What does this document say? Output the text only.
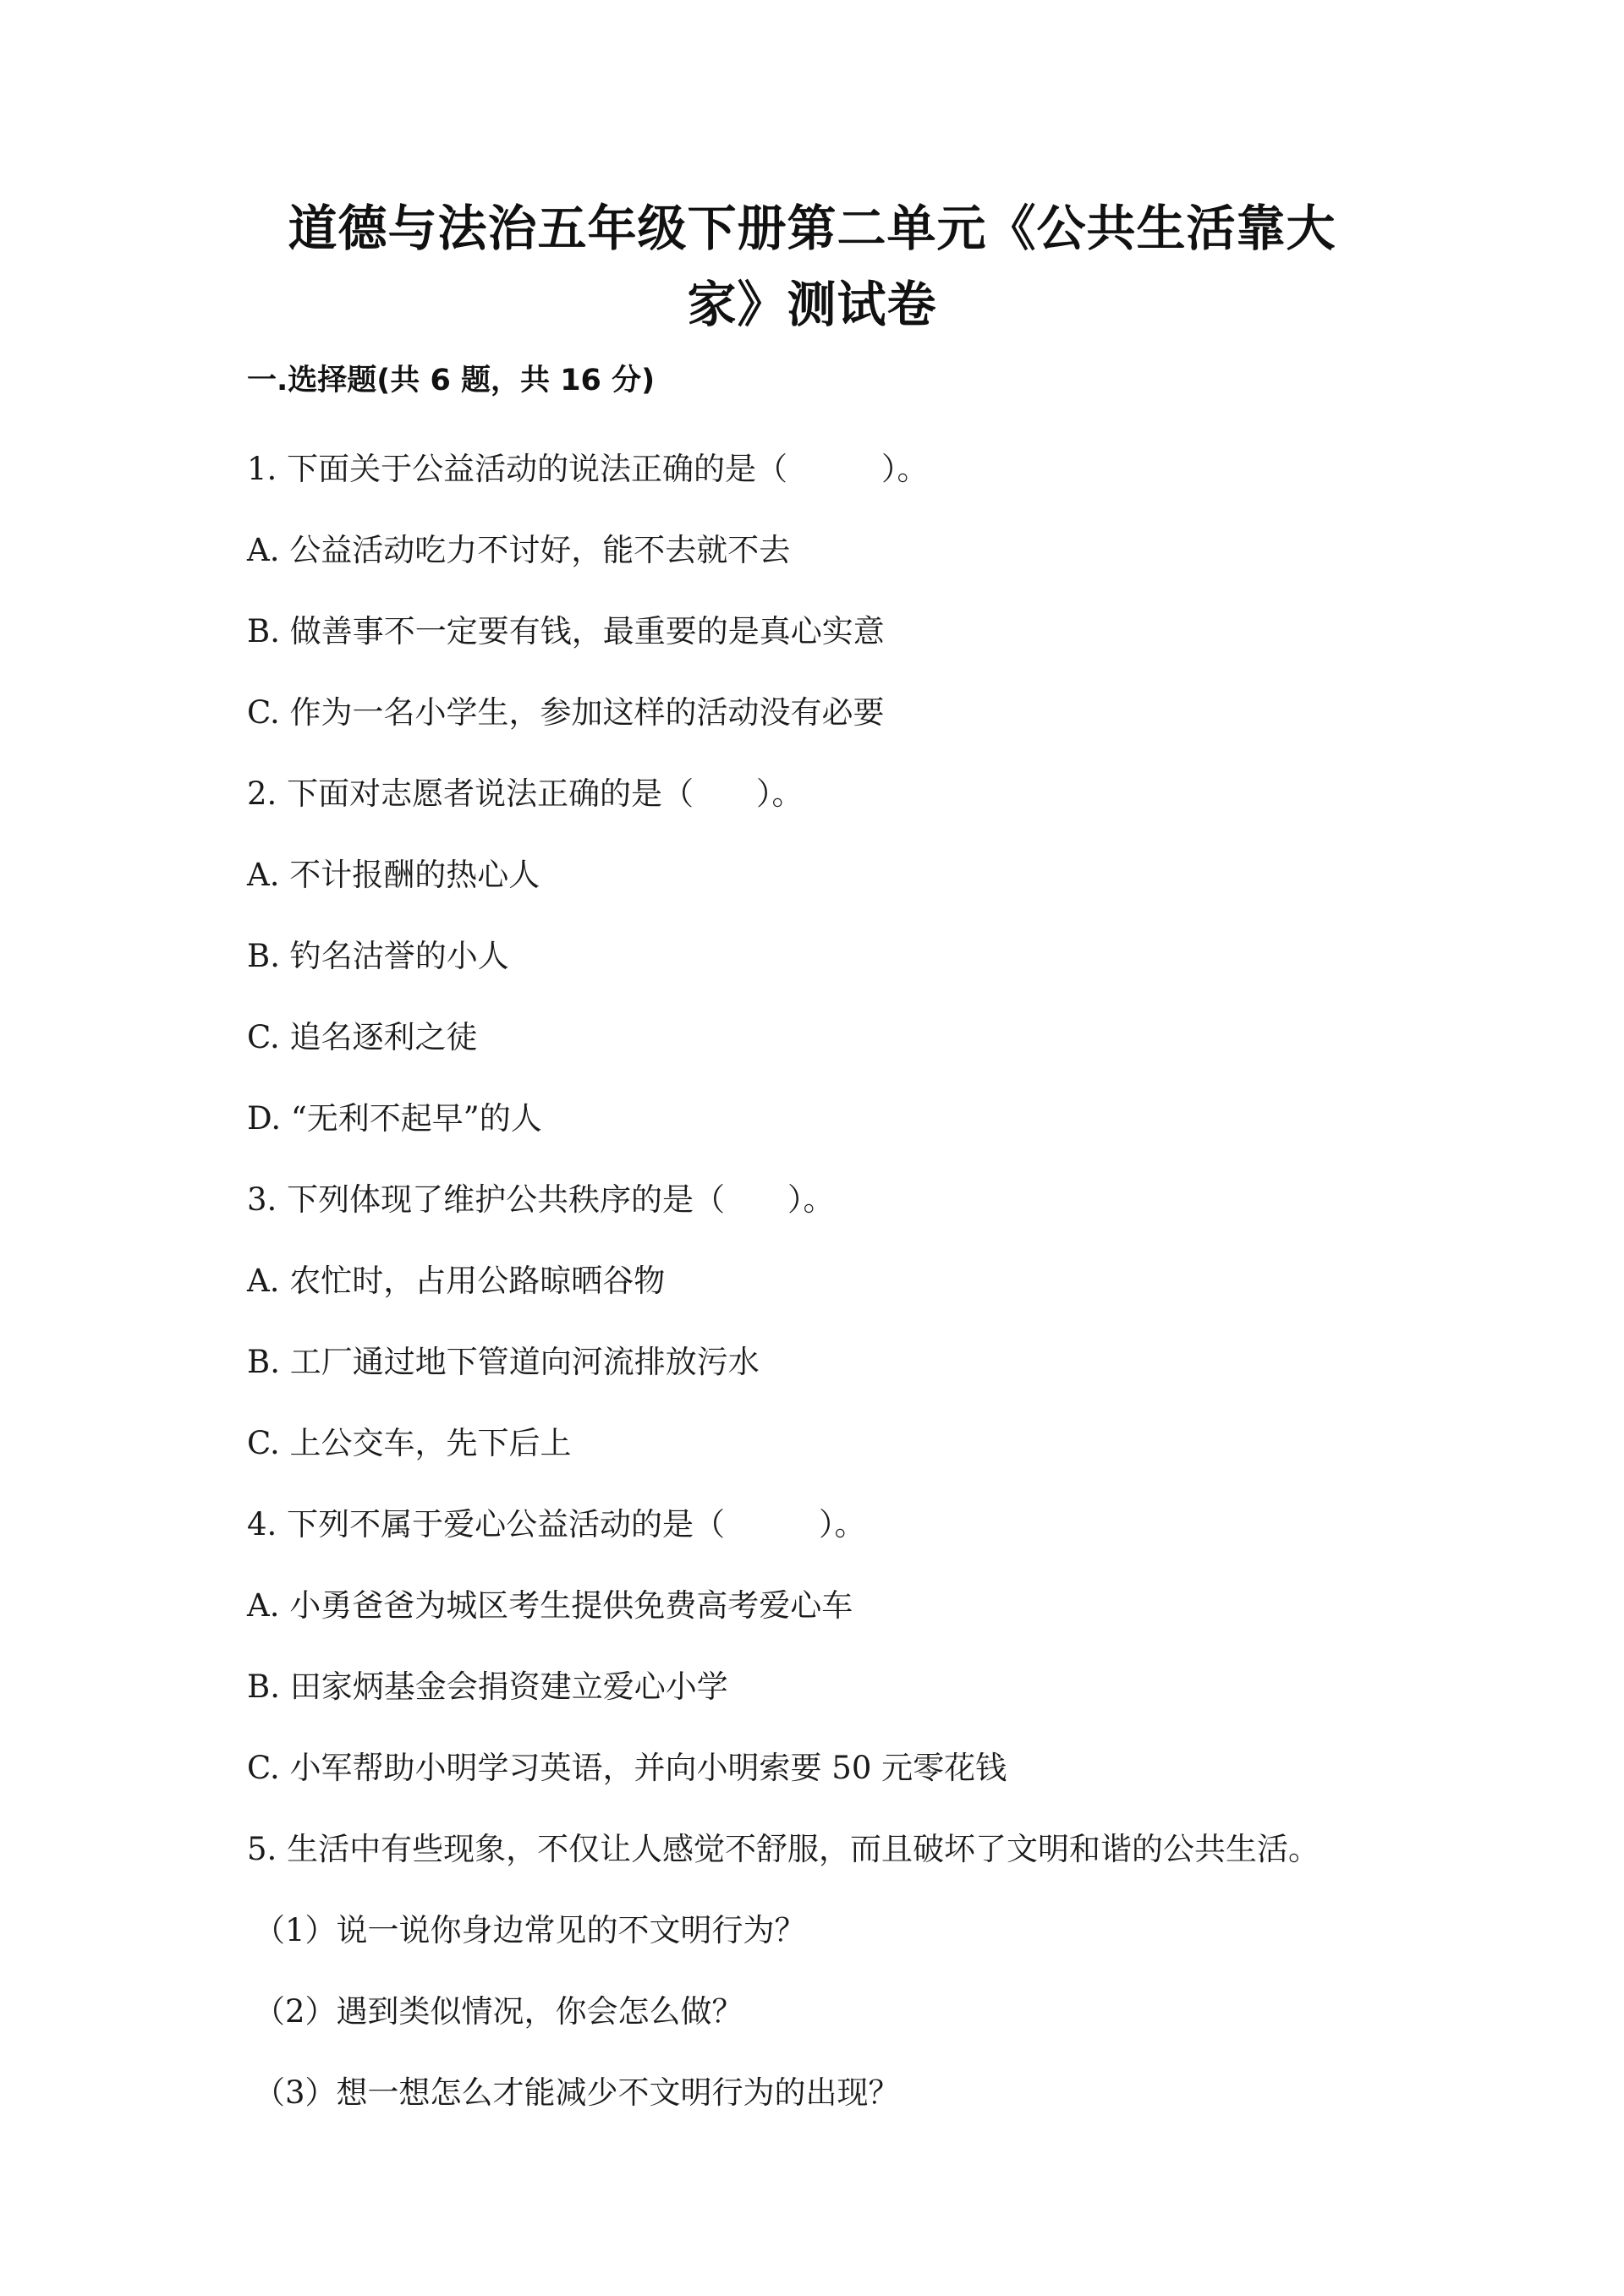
道德与法治五年级下册第二单元《公共生活靠大
家》测试卷
一.选择题(共 6 题，共 16 分)
1. 下面关于公益活动的说法正确的是（　　　）。
A. 公益活动吃力不讨好，能不去就不去
B. 做善事不一定要有钱，最重要的是真心实意
C. 作为一名小学生，参加这样的活动没有必要
2. 下面对志愿者说法正确的是（　　）。
A. 不计报酬的热心人
B. 钓名沽誉的小人
C. 追名逐利之徒
D. “无利不起早”的人
3. 下列体现了维护公共秩序的是（　　）。
A. 农忙时，占用公路晾晒谷物
B. 工厂通过地下管道向河流排放污水
C. 上公交车，先下后上
4. 下列不属于爱心公益活动的是（　　　）。
A. 小勇爸爸为城区考生提供免费高考爱心车
B. 田家炳基金会捐资建立爱心小学
C. 小军帮助小明学习英语，并向小明索要 50 元零花钱
5. 生活中有些现象，不仅让人感觉不舒服，而且破坏了文明和谐的公共生活。
（1）说一说你身边常见的不文明行为？
（2）遇到类似情况，你会怎么做？
（3）想一想怎么才能减少不文明行为的出现？
